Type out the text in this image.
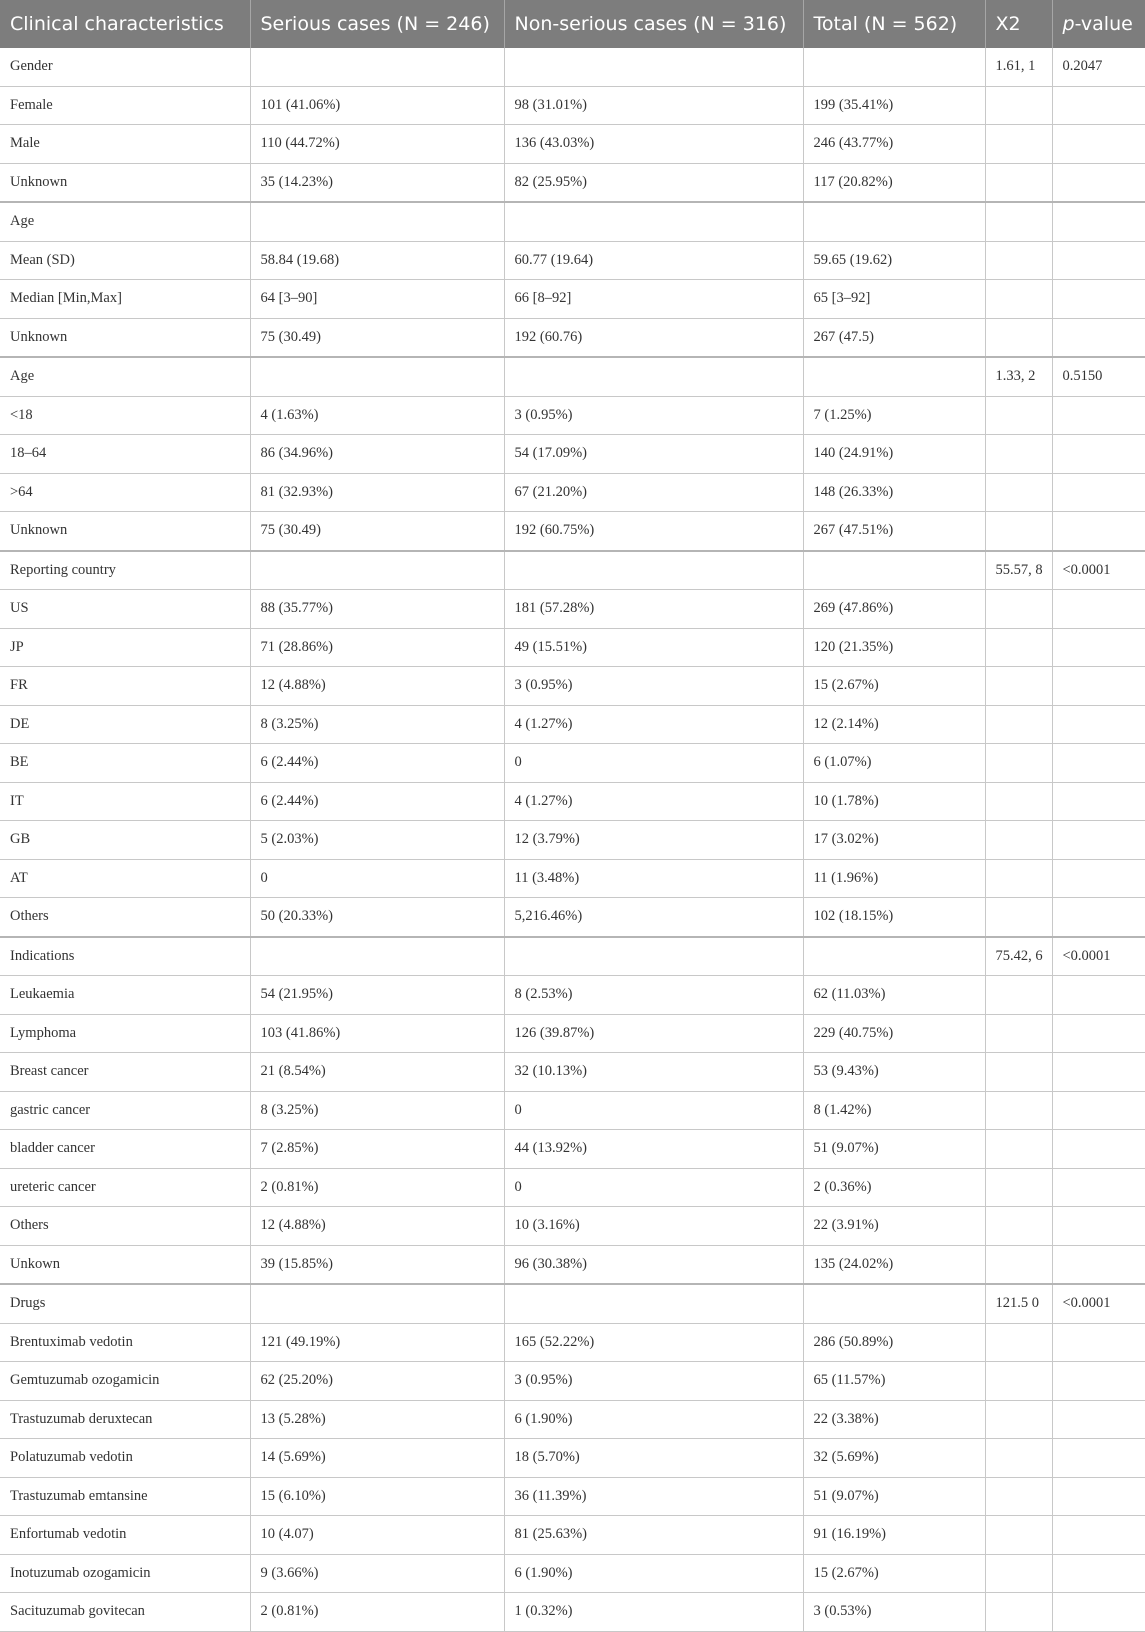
Clinical characteristics	Serious cases (N = 246)	Non-serious cases (N = 316)	Total (N = 562)	X2	p-value
Gender				1.61, 1	0.2047
Female	101 (41.06%)	98 (31.01%)	199 (35.41%)		
Male	110 (44.72%)	136 (43.03%)	246 (43.77%)		
Unknown	35 (14.23%)	82 (25.95%)	117 (20.82%)		
Age					
Mean (SD)	58.84 (19.68)	60.77 (19.64)	59.65 (19.62)		
Median [Min,Max]	64 [3–90]	66 [8–92]	65 [3–92]		
Unknown	75 (30.49)	192 (60.76)	267 (47.5)		
Age				1.33, 2	0.5150
<18	4 (1.63%)	3 (0.95%)	7 (1.25%)		
18–64	86 (34.96%)	54 (17.09%)	140 (24.91%)		
>64	81 (32.93%)	67 (21.20%)	148 (26.33%)		
Unknown	75 (30.49)	192 (60.75%)	267 (47.51%)		
Reporting country				55.57, 8	<0.0001
US	88 (35.77%)	181 (57.28%)	269 (47.86%)		
JP	71 (28.86%)	49 (15.51%)	120 (21.35%)		
FR	12 (4.88%)	3 (0.95%)	15 (2.67%)		
DE	8 (3.25%)	4 (1.27%)	12 (2.14%)		
BE	6 (2.44%)	0	6 (1.07%)		
IT	6 (2.44%)	4 (1.27%)	10 (1.78%)		
GB	5 (2.03%)	12 (3.79%)	17 (3.02%)		
AT	0	11 (3.48%)	11 (1.96%)		
Others	50 (20.33%)	5,216.46%)	102 (18.15%)		
Indications				75.42, 6	<0.0001
Leukaemia	54 (21.95%)	8 (2.53%)	62 (11.03%)		
Lymphoma	103 (41.86%)	126 (39.87%)	229 (40.75%)		
Breast cancer	21 (8.54%)	32 (10.13%)	53 (9.43%)		
gastric cancer	8 (3.25%)	0	8 (1.42%)		
bladder cancer	7 (2.85%)	44 (13.92%)	51 (9.07%)		
ureteric cancer	2 (0.81%)	0	2 (0.36%)		
Others	12 (4.88%)	10 (3.16%)	22 (3.91%)		
Unkown	39 (15.85%)	96 (30.38%)	135 (24.02%)		
Drugs				121.5 0	<0.0001
Brentuximab vedotin	121 (49.19%)	165 (52.22%)	286 (50.89%)		
Gemtuzumab ozogamicin	62 (25.20%)	3 (0.95%)	65 (11.57%)		
Trastuzumab deruxtecan	13 (5.28%)	6 (1.90%)	22 (3.38%)		
Polatuzumab vedotin	14 (5.69%)	18 (5.70%)	32 (5.69%)		
Trastuzumab emtansine	15 (6.10%)	36 (11.39%)	51 (9.07%)		
Enfortumab vedotin	10 (4.07)	81 (25.63%)	91 (16.19%)		
Inotuzumab ozogamicin	9 (3.66%)	6 (1.90%)	15 (2.67%)		
Sacituzumab govitecan	2 (0.81%)	1 (0.32%)	3 (0.53%)		
